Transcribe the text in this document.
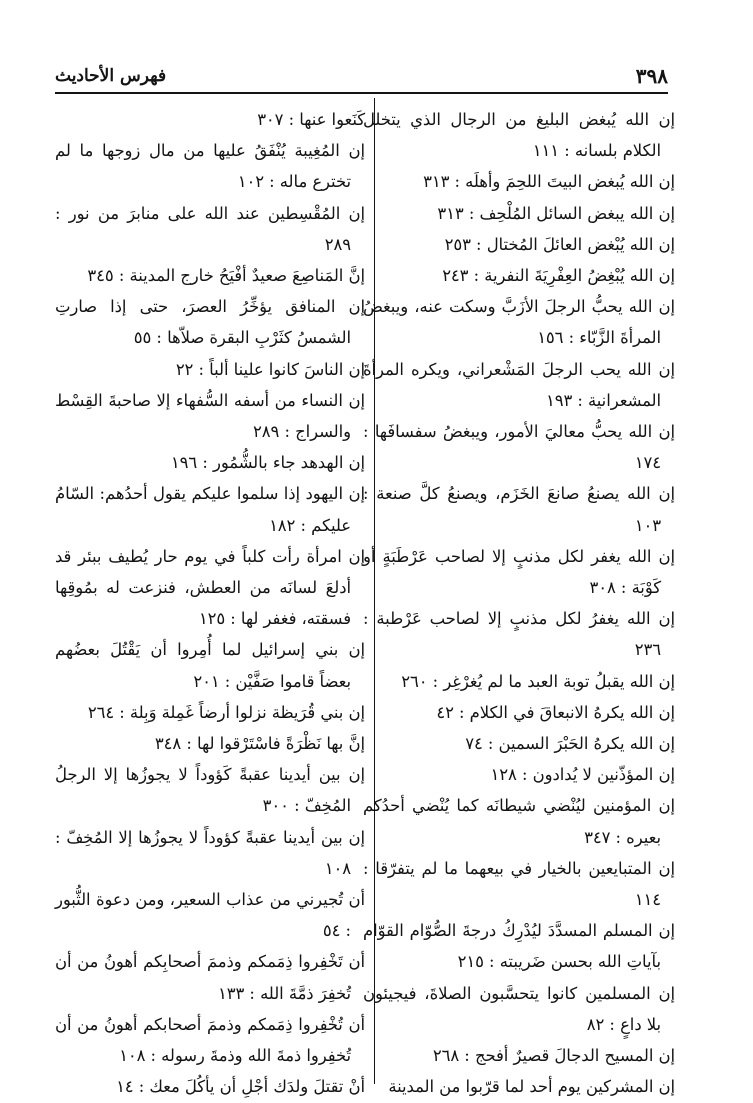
٣٩٨
فهرس الأحاديث

إن الله يُبغض البليغ من الرجال الذي يتخلل الكلام بلسانه : ١١١

إن الله يُبغض البيتَ اللحِمَ وأهلَه : ٣١٣

إن الله يبغض السائل المُلْحِف : ٣١٣

إن الله يُبْغض العائلَ المُختال : ٢٥٣

إن الله يُبْغِضُ العِفْرِيَةَ النفرية : ٢٤٣

إن الله يحبُّ الرجلَ الأزَبَّ وسكت عنه، ويبغضُ المرأةَ الزَّبّاء : ١٥٦

إن الله يحب الرجلَ المَشْعراني، ويكره المرأةَ المشعرانية : ١٩٣

إن الله يحبُّ معاليَ الأمور، ويبغضُ سفسافَها : ١٧٤

إن الله يصنعُ صانعَ الخَزَم، ويصنعُ كلَّ صنعة : ١٠٣

إن الله يغفر لكل مذنبٍ إلا لصاحب عَرْطَبَةٍ أو كَوْبَة : ٣٠٨

إن الله يغفرُ لكل مذنبٍ إلا لصاحب عَرْطبة : ٢٣٦

إن الله يقبلُ توبة العبد ما لم يُغرْغِر : ٢٦٠

إن الله يكرهُ الانبعاقَ في الكلام : ٤٢

إن الله يكرهُ الحَبْرَ السمين : ٧٤

إن المؤذّنين لا يُدادون : ١٢٨

إن المؤمنين ليُنْضي شيطانَه كما يُنْضي أحدُكم بعيره : ٣٤٧

إن المتبايعين بالخيار في بيعهما ما لم يتفرّقا : ١١٤

إن المسلم المسدَّدَ ليُدْرِكُ درجةَ الصُّوّام القوّام بآياتِ الله بحسن ضَريبته : ٢١٥

إن المسلمين كانوا يتحسَّبون الصلاةَ، فيجيئون بلا داعٍ : ٨٢

إن المسيح الدجالَ قصيرٌ أفحج : ٢٦٨

إن المشركين يوم أحد لما قرّبوا من المدينة

كَنَعوا عنها : ٣٠٧

إن المُغِيبة يُنْفَقُ عليها من مال زوجها ما لم تخترع ماله : ١٠٢

إن المُقْسِطين عند الله على منابرَ من نور : ٢٨٩

إنَّ المَناصِعَ صعيدٌ أفْيَحُ خارج المدينة : ٣٤٥

إن المنافق يؤخِّرُ العصرَ، حتى إذا صارتِ الشمسُ كثَرْبِ البقرة صلاّها : ٥٥

إن الناسَ كانوا علينا ألباً : ٢٢

إن النساء من أسفه السُّفهاء إلا صاحبةَ القِسْط والسراج : ٢٨٩

إن الهدهد جاء بالشُّمُور : ١٩٦

إن اليهود إذا سلموا عليكم يقول أحدُهم: السّامُ عليكم : ١٨٢

إن امرأة رأت كلباً في يوم حار يُطيف ببئر قد أدلعَ لسانَه من العطش، فنزعت له بمُوقِها فسقته، فغفر لها : ١٢٥

إن بني إسرائيل لما أُمِروا أن يَقْتُلَ بعضُهم بعضاً قاموا صَفَّيْن : ٢٠١

إن بني قُرَيظة نزلوا أرضاً غَمِلة وَبِلة : ٢٦٤

إنَّ بها نَظْرَةً فاسْتَرْقوا لها : ٣٤٨

إن بين أيدينا عقبةً كَؤوداً لا يجوزُها إلا الرجلُ المُخِفّ : ٣٠٠

إن بين أيدينا عقبةً كؤوداً لا يجوزُها إلا المُخِفّ : ١٠٨

أن تُجيرني من عذاب السعير، ومن دعوة الثُّبور : ٥٤

أن تَخْفِروا ذِمَمكم وذممَ أصحابِكم أهونُ من أن تُخفِرَ ذمَّةَ الله : ١٣٣

أن تُخْفِروا ذِمَمكم وذممَ أصحابكم أهونُ من أن تُخفِروا ذمةَ الله وذمةَ رسوله : ١٠٨

أنْ تقتلَ ولدَك أجْلِ أن يأكُلَ معك : ١٤
